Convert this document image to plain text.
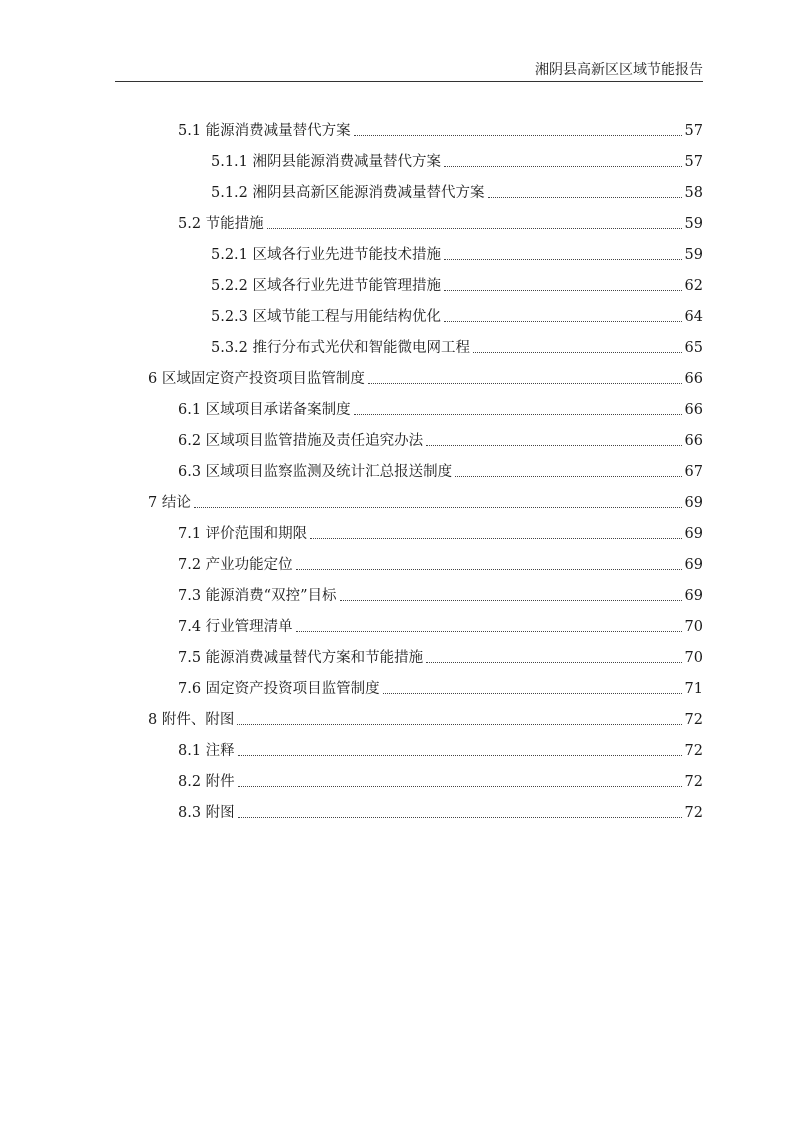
湘阴县高新区区域节能报告
5.1 能源消费减量替代方案	57
5.1.1 湘阴县能源消费减量替代方案	57
5.1.2 湘阴县高新区能源消费减量替代方案	58
5.2 节能措施	59
5.2.1 区域各行业先进节能技术措施	59
5.2.2 区域各行业先进节能管理措施	62
5.2.3 区域节能工程与用能结构优化	64
5.3.2 推行分布式光伏和智能微电网工程	65
6 区域固定资产投资项目监管制度	66
6.1 区域项目承诺备案制度	66
6.2 区域项目监管措施及责任追究办法	66
6.3 区域项目监察监测及统计汇总报送制度	67
7 结论	69
7.1 评价范围和期限	69
7.2 产业功能定位	69
7.3 能源消费“双控”目标	69
7.4 行业管理清单	70
7.5 能源消费减量替代方案和节能措施	70
7.6 固定资产投资项目监管制度	71
8 附件、附图	72
8.1 注释	72
8.2 附件	72
8.3 附图	72
